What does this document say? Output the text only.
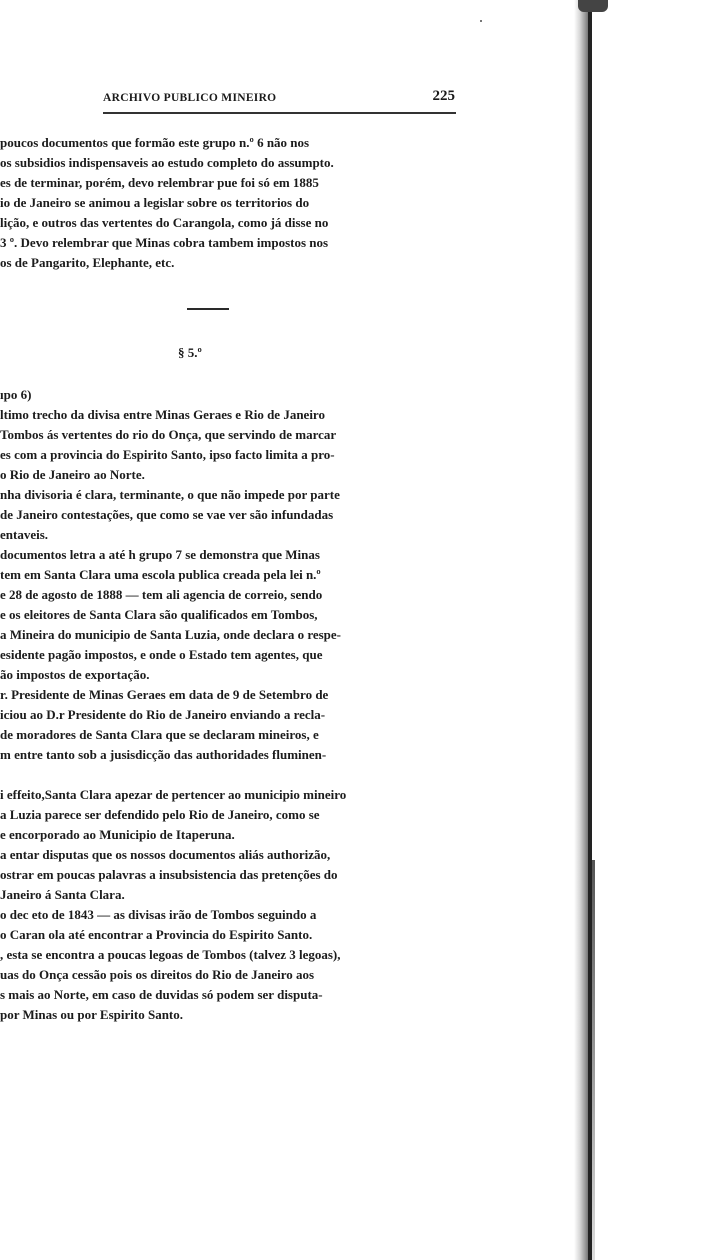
ARCHIVO PUBLICO MINEIRO	225
poucos documentos que formão este grupo n.º 6 não nos
os subsidios indispensaveis ao estudo completo do assumpto.
es de terminar, porém, devo relembrar pue foi só em 1885
io de Janeiro se animou a legislar sobre os territorios do
lição, e outros das vertentes do Carangola, como já disse no
3 º. Devo relembrar que Minas cobra tambem impostos nos
os de Pangarito, Elephante, etc.
ıpo 6)
ltimo trecho da divisa entre Minas Geraes e Rio de Janeiro
Tombos ás vertentes do rio do Onça, que servindo de marcar
es com a provincia do Espirito Santo, ipso facto limita a pro-
o Rio de Janeiro ao Norte.
nha divisoria é clara, terminante, o que não impede por parte
de Janeiro contestações, que como se vae ver são infundadas
entaveis.
documentos letra a até h grupo 7 se demonstra que Minas
tem em Santa Clara uma escola publica creada pela lei n.º
e 28 de agosto de 1888 — tem ali agencia de correio, sendo
e os eleitores de Santa Clara são qualificados em Tombos,
a Mineira do municipio de Santa Luzia, onde declara o respe-
esidente pagão impostos, e onde o Estado tem agentes, que
ão impostos de exportação.
r. Presidente de Minas Geraes em data de 9 de Setembro de
iciou ao D.r Presidente do Rio de Janeiro enviando a recla-
de moradores de Santa Clara que se declaram mineiros, e
m entre tanto sob a jusisdicção das authoridades fluminen-
i effeito,Santa Clara apezar de pertencer ao municipio mineiro
a Luzia parece ser defendido pelo Rio de Janeiro, como se
e encorporado ao Municipio de Itaperuna.
a entar disputas que os nossos documentos aliás authorizão,
ostrar em poucas palavras a insubsistencia das pretenções do
Janeiro á Santa Clara.
o dec eto de 1843 — as divisas irão de Tombos seguindo a
o Caran ola até encontrar a Provincia do Espirito Santo.
, esta se encontra a poucas legoas de Tombos (talvez 3 legoas),
uas do Onça cessão pois os direitos do Rio de Janeiro aos
s mais ao Norte, em caso de duvidas só podem ser disputa-
por Minas ou por Espirito Santo.
§ 5.º
